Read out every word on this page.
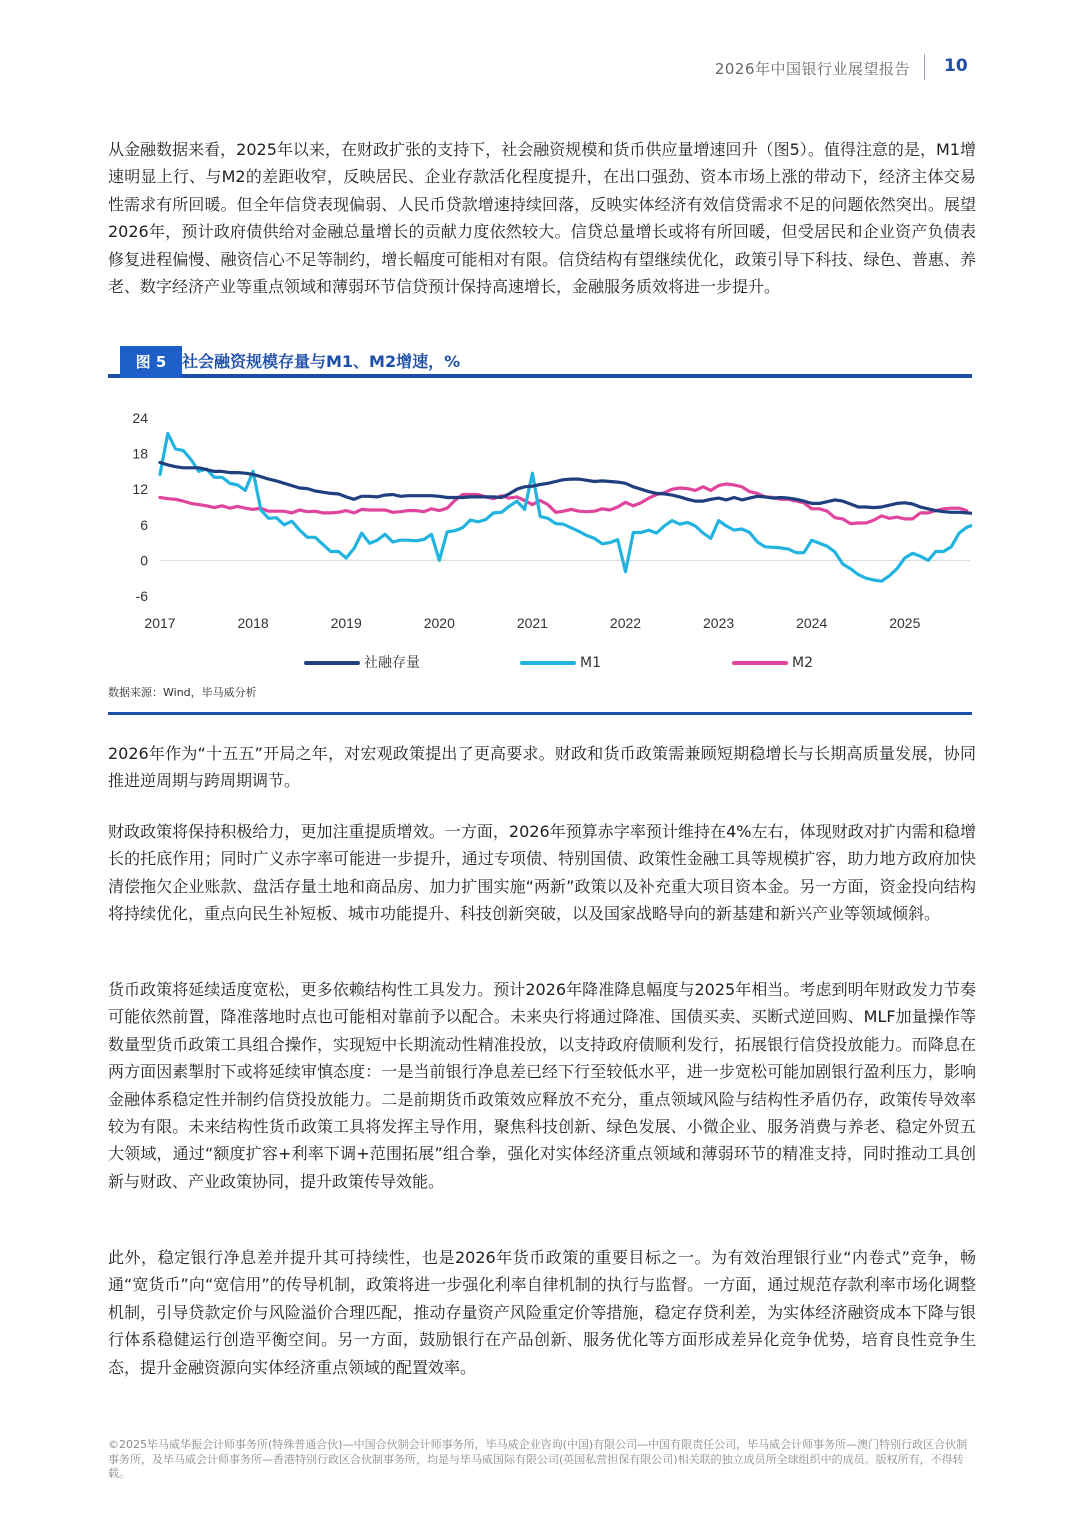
2026年中国银行业展望报告 10

从金融数据来看，2025年以来，在财政扩张的支持下，社会融资规模和货币供应量增速回升（图5）。值得注意的是，M1增速明显上行、与M2的差距收窄，反映居民、企业存款活化程度提升，在出口强劲、资本市场上涨的带动下，经济主体交易性需求有所回暖。但全年信贷表现偏弱、人民币贷款增速持续回落，反映实体经济有效信贷需求不足的问题依然突出。展望2026年，预计政府债供给对金融总量增长的贡献力度依然较大。信贷总量增长或将有所回暖，但受居民和企业资产负债表修复进程偏慢、融资信心不足等制约，增长幅度可能相对有限。信贷结构有望继续优化，政策引导下科技、绿色、普惠、养老、数字经济产业等重点领域和薄弱环节信贷预计保持高速增长，金融服务质效将进一步提升。

图 5 社会融资规模存量与M1、M2增速，%
24
18
12
6
0
-6
2017	2018	2019	2020	2021	2022	2023	2024	2025
社融存量	M1	M2
数据来源：Wind，毕马威分析

2026年作为“十五五”开局之年，对宏观政策提出了更高要求。财政和货币政策需兼顾短期稳增长与长期高质量发展，协同推进逆周期与跨周期调节。

财政政策将保持积极给力，更加注重提质增效。一方面，2026年预算赤字率预计维持在4%左右，体现财政对扩内需和稳增长的托底作用；同时广义赤字率可能进一步提升，通过专项债、特别国债、政策性金融工具等规模扩容，助力地方政府加快清偿拖欠企业账款、盘活存量土地和商品房、加力扩围实施“两新”政策以及补充重大项目资本金。另一方面，资金投向结构将持续优化，重点向民生补短板、城市功能提升、科技创新突破，以及国家战略导向的新基建和新兴产业等领域倾斜。

货币政策将延续适度宽松，更多依赖结构性工具发力。预计2026年降准降息幅度与2025年相当。考虑到明年财政发力节奏可能依然前置，降准落地时点也可能相对靠前予以配合。未来央行将通过降准、国债买卖、买断式逆回购、MLF加量操作等数量型货币政策工具组合操作，实现短中长期流动性精准投放，以支持政府债顺利发行，拓展银行信贷投放能力。而降息在两方面因素掣肘下或将延续审慎态度：一是当前银行净息差已经下行至较低水平，进一步宽松可能加剧银行盈利压力，影响金融体系稳定性并制约信贷投放能力。二是前期货币政策效应释放不充分，重点领域风险与结构性矛盾仍存，政策传导效率较为有限。未来结构性货币政策工具将发挥主导作用，聚焦科技创新、绿色发展、小微企业、服务消费与养老、稳定外贸五大领域，通过“额度扩容+利率下调+范围拓展”组合拳，强化对实体经济重点领域和薄弱环节的精准支持，同时推动工具创新与财政、产业政策协同，提升政策传导效能。

此外，稳定银行净息差并提升其可持续性，也是2026年货币政策的重要目标之一。为有效治理银行业“内卷式”竞争，畅通“宽货币”向“宽信用”的传导机制，政策将进一步强化利率自律机制的执行与监督。一方面，通过规范存款利率市场化调整机制，引导贷款定价与风险溢价合理匹配，推动存量资产风险重定价等措施，稳定存贷利差，为实体经济融资成本下降与银行体系稳健运行创造平衡空间。另一方面，鼓励银行在产品创新、服务优化等方面形成差异化竞争优势，培育良性竞争生态，提升金融资源向实体经济重点领域的配置效率。

©2025毕马威华振会计师事务所(特殊普通合伙)—中国合伙制会计师事务所，毕马威企业咨询(中国)有限公司—中国有限责任公司，毕马威会计师事务所—澳门特别行政区合伙制事务所，及毕马威会计师事务所—香港特别行政区合伙制事务所，均是与毕马威国际有限公司(英国私营担保有限公司)相关联的独立成员所全球组织中的成员。版权所有，不得转载。
